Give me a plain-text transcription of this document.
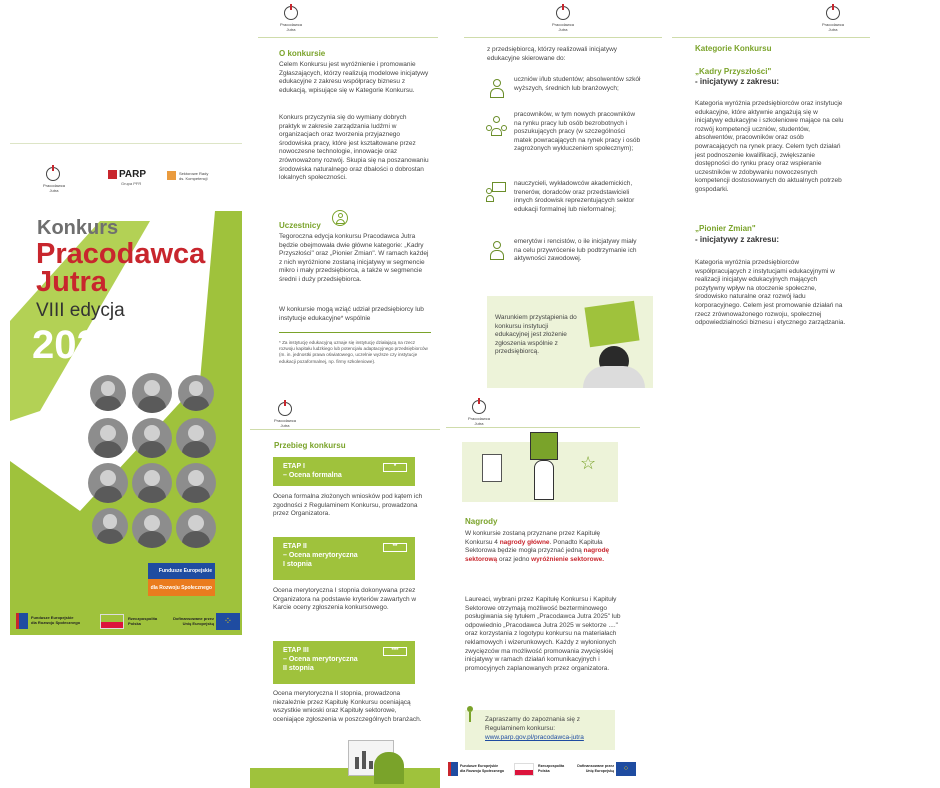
Pracodawca
Jutra
PARP
Grupa PFR
Sektorowe Rady
ds. Kompetencji
Konkurs
Pracodawca
Jutra
VIII edycja
2025
Fundusze Europejskie
dla Rozwoju Społecznego
Fundusze Europejskie
dla Rozwoju Społecznego
Rzeczpospolita
Polska
Dofinansowane przez
Unię Europejską ⁘
Pracodawca
Jutra
O konkursie
Celem Konkursu jest wyróżnienie i promowanie Zgłaszających, którzy realizują modelowe inicjatywy edukacyjne z zakresu współpracy biznesu z edukacją, wpisujące się w Kategorie Konkursu.
Konkurs przyczynia się do wymiany dobrych praktyk w zakresie zarządzania ludźmi w organizacjach oraz tworzenia przyjaznego środowiska pracy, które jest kształtowane przez nowoczesne technologie, innowacje oraz zrównoważony rozwój. Skupia się na poszanowaniu środowiska naturalnego oraz dbałości o dobrostan lokalnych społeczności.
Uczestnicy
Tegoroczna edycja konkursu Pracodawca Jutra będzie obejmowała dwie główne kategorie: „Kadry Przyszłości" oraz „Pionier Zmian". W ramach każdej z nich wyróżnione zostaną inicjatywy w segmencie mikro i mały przedsiębiorca, a także w segmencie średni i duży przedsiębiorca.
W konkursie mogą wziąć udział przedsiębiorcy lub instytucje edukacyjne* wspólnie
* Za instytucję edukacyjną uznaje się instytucję działającą na rzecz rozwoju kapitału ludzkiego lub potencjału adaptacyjnego przedsiębiorców (m. in. jednostki prawa oświatowego, uczelnie wyższe czy instytucje edukacji pozaformalnej, np. firmy szkoleniowe).
Pracodawca
Jutra
z przedsiębiorcą, którzy realizowali inicjatywy edukacyjne skierowane do:
uczniów i/lub studentów; absolwentów szkół wyższych, średnich lub branżowych;
pracowników, w tym nowych pracowników na rynku pracy lub osób bezrobotnych i poszukujących pracy (w szczególności matek powracających na rynek pracy i osób zagrożonych wykluczeniem społecznym);
nauczycieli, wykładowców akademickich, trenerów, doradców oraz przedstawicieli innych środowisk reprezentujących sektor edukacji formalnej lub nieformalnej;
emerytów i rencistów, o ile inicjatywy miały na celu przywrócenie lub podtrzymanie ich aktywności zawodowej.
Warunkiem przystąpienia do konkursu instytucji edukacyjnej jest złożenie zgłoszenia wspólnie z przedsiębiorcą.
Pracodawca
Jutra
Kategorie Konkursu
„Kadry Przyszłości"
- inicjatywy z zakresu:
Kategoria wyróżnia przedsiębiorców oraz instytucje edukacyjne, które aktywnie angażują się w inicjatywy edukacyjne i szkoleniowe mające na celu rozwój kompetencji uczniów, studentów, absolwentów, pracowników oraz osób powracających na rynek pracy. Celem tych działań jest podnoszenie kwalifikacji, zwiększanie dostępności do rynku pracy oraz wspieranie uczestników w zdobywaniu nowoczesnych kompetencji dostosowanych do aktualnych potrzeb gospodarki.
„Pionier Zmian"
- inicjatywy z zakresu:
Kategoria wyróżnia przedsiębiorców współpracujących z instytucjami edukacyjnymi w realizacji inicjatyw edukacyjnych mających pozytywny wpływ na otoczenie społeczne, środowisko naturalne oraz rozwój ładu korporacyjnego. Celem jest promowanie działań na rzecz zrównoważonego rozwoju, społecznej odpowiedzialności biznesu i etycznego zarządzania.
Pracodawca
Jutra
Przebieg konkursu
ETAP I
– Ocena formalna
*
Ocena formalna złożonych wniosków pod kątem ich zgodności z Regulaminem Konkursu, prowadzona przez Organizatora.
ETAP II
– Ocena merytoryczna
I stopnia
**
Ocena merytoryczna I stopnia dokonywana przez Organizatora na podstawie kryteriów zawartych w Karcie oceny zgłoszenia konkursowego.
ETAP III
– Ocena merytoryczna
II stopnia
***
Ocena merytoryczna II stopnia, prowadzona niezależnie przez Kapitułę Konkursu oceniającą wszystkie wnioski oraz Kapituły sektorowe, oceniające zgłoszenia w poszczególnych branżach.
Pracodawca
Jutra
☆
Nagrody
W konkursie zostaną przyznane przez Kapitułę Konkursu 4 nagrody główne. Ponadto Kapituła Sektorowa będzie mogła przyznać jedną nagrodę sektorową oraz jedno wyróżnienie sektorowe.
Laureaci, wybrani przez Kapitułę Konkursu i Kapituły Sektorowe otrzymają możliwość bezterminowego posługiwania się tytułem „Pracodawca Jutra 2025" lub odpowiednio „Pracodawca Jutra 2025 w sektorze ...." oraz korzystania z logotypu konkursu na materiałach reklamowych i wizerunkowych. Każdy z wyłonionych zwycięzców ma możliwość promowania zwycięskiej inicjatywy w ramach działań komunikacyjnych i promocyjnych zaplanowanych przez organizatora.
Zapraszamy do zapoznania się z Regulaminem konkursu:
www.parp.gov.pl/pracodawca-jutra
Fundusze Europejskie
dla Rozwoju Społecznego
Rzeczpospolita
Polska
Dofinansowane przez
Unię Europejską	⁘
